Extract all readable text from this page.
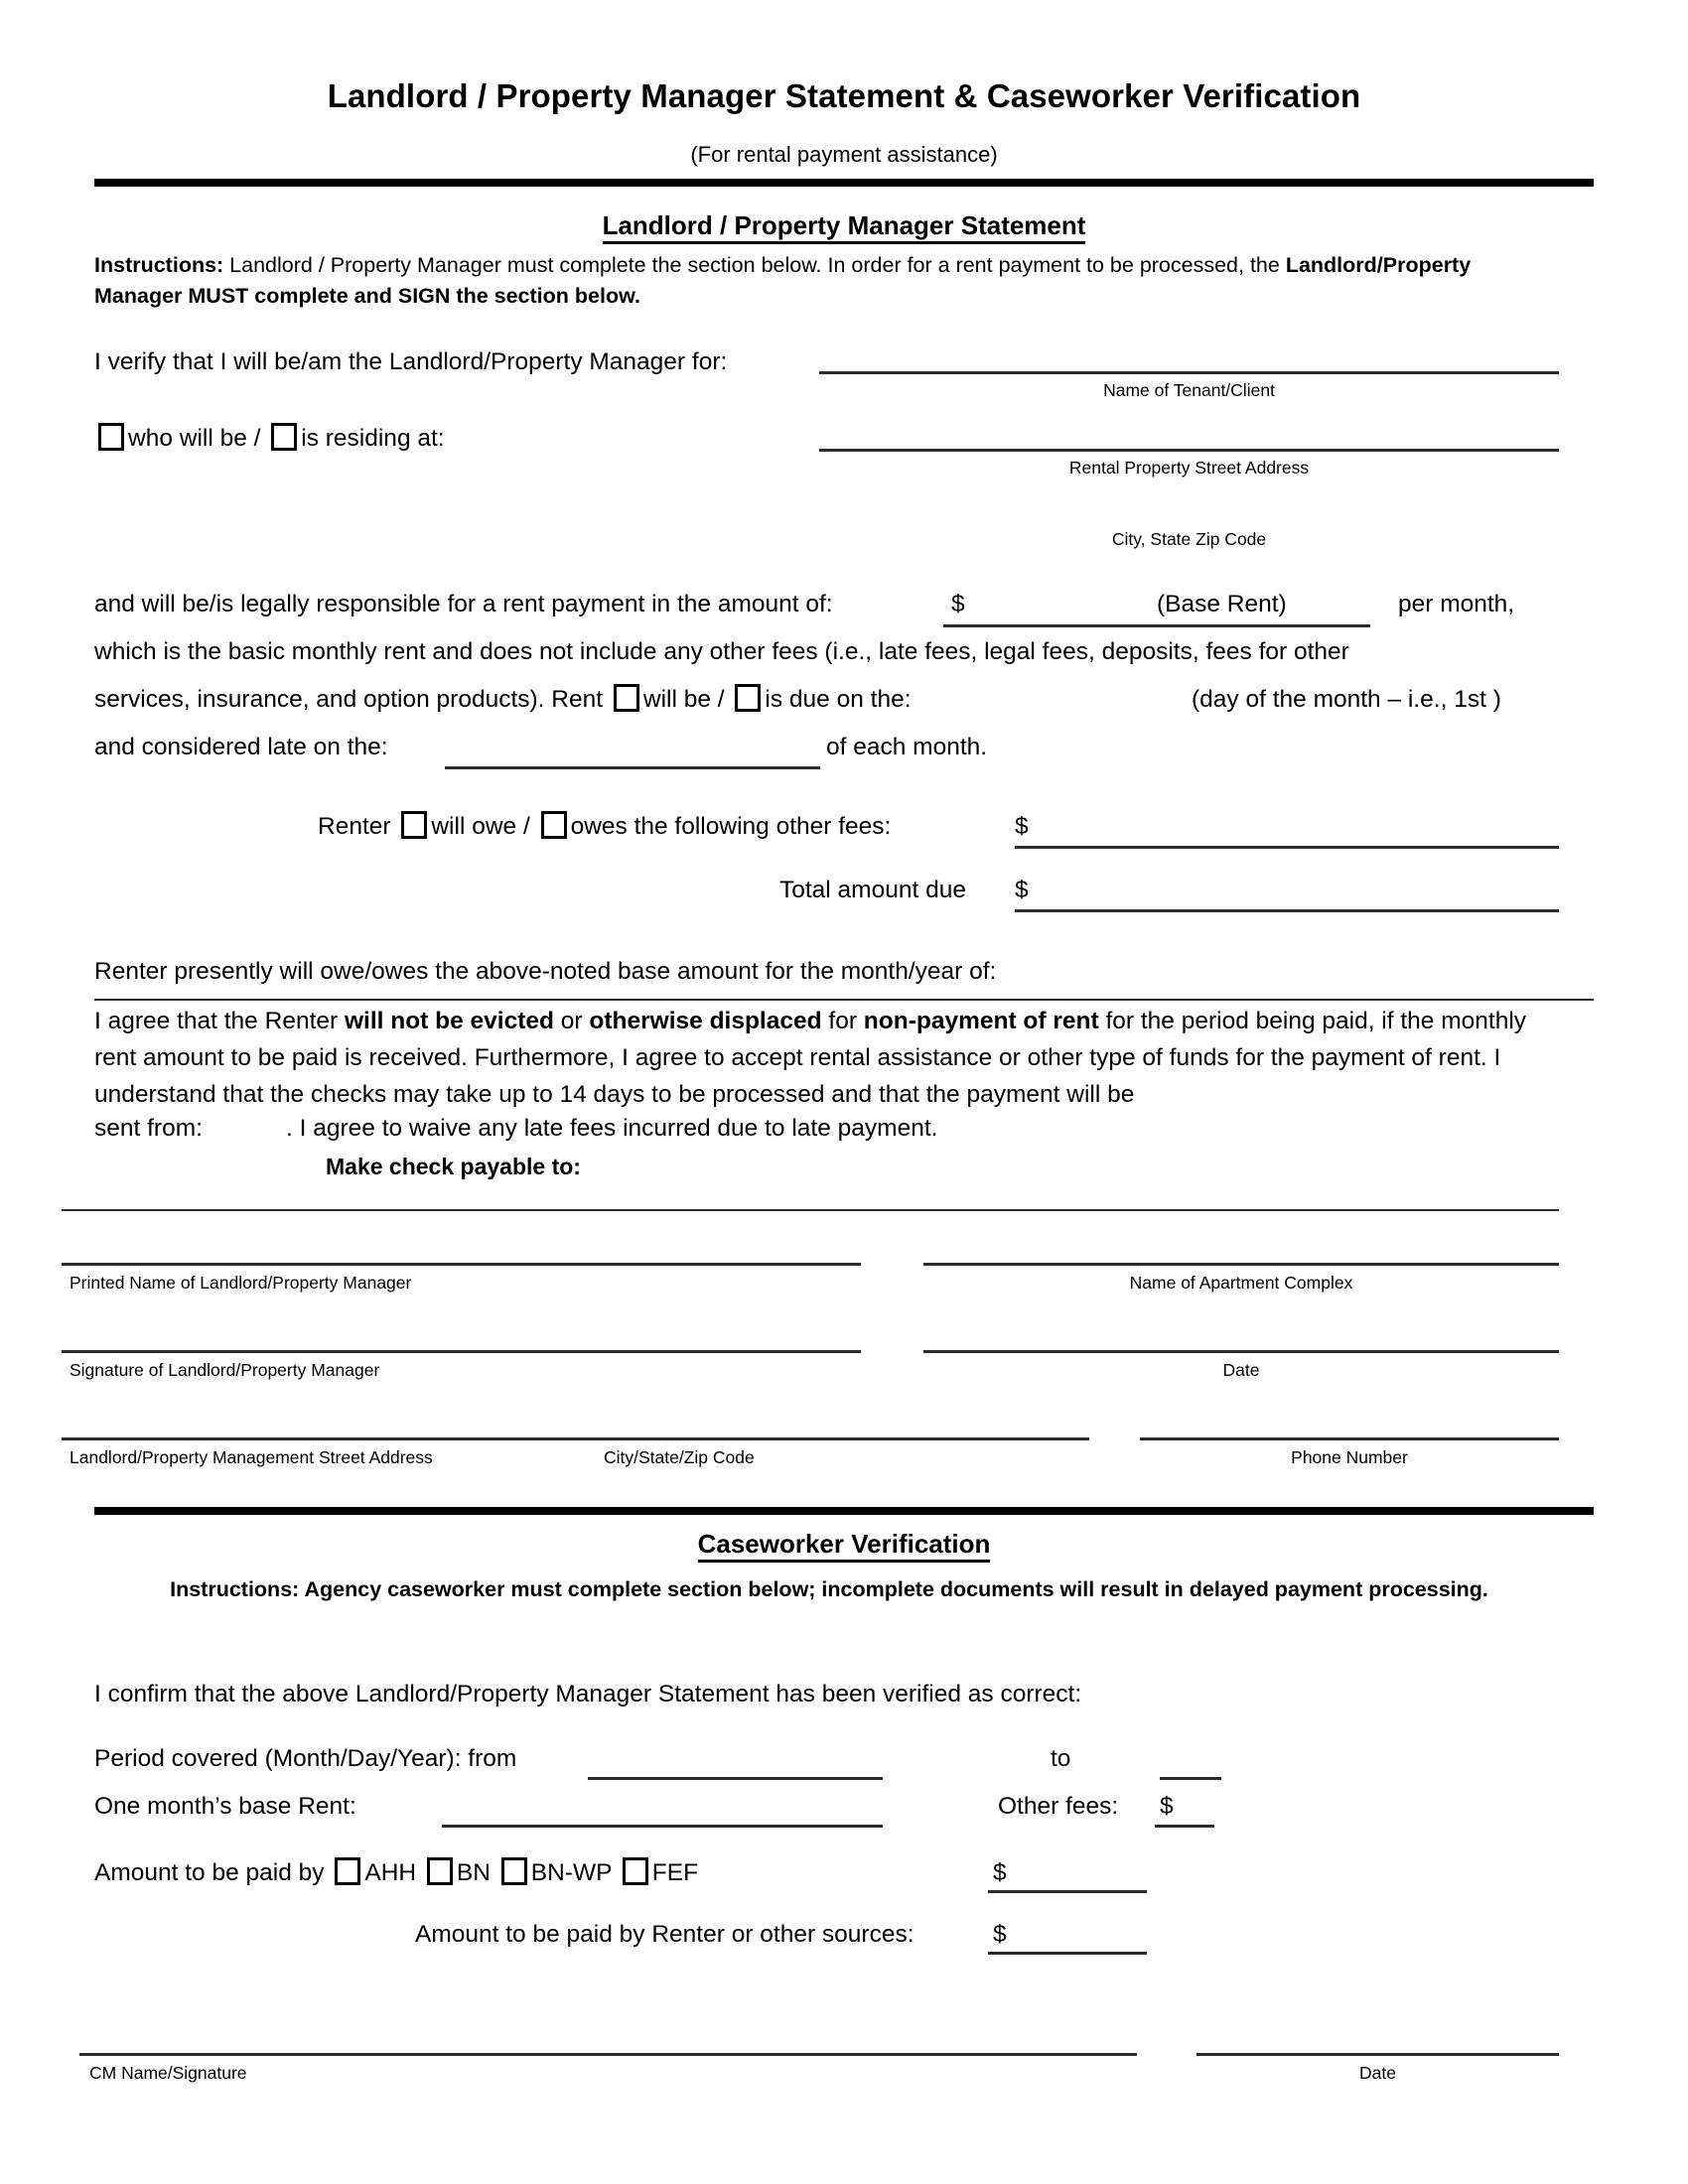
Landlord / Property Manager Statement & Caseworker Verification
(For rental payment assistance)
Landlord / Property Manager Statement
Instructions: Landlord / Property Manager must complete the section below. In order for a rent payment to be processed, the Landlord/Property Manager MUST complete and SIGN the section below.
I verify that I will be/am the Landlord/Property Manager for:
Name of Tenant/Client
who will be / is residing at:
Rental Property Street Address
City, State Zip Code
and will be/is legally responsible for a rent payment in the amount of:	$	(Base Rent)	per month,
which is the basic monthly rent and does not include any other fees (i.e., late fees, legal fees, deposits, fees for other
services, insurance, and option products). Rent will be / is due on the:	(day of the month – i.e., 1st )
and considered late on the:	of each month.
Renter will owe / owes the following other fees:	$
Total amount due $
Renter presently will owe/owes the above-noted base amount for the month/year of:
I agree that the Renter will not be evicted or otherwise displaced for non-payment of rent for the period being paid, if the monthly rent amount to be paid is received. Furthermore, I agree to accept rental assistance or other type of funds for the payment of rent. I understand that the checks may take up to 14 days to be processed and that the payment will be
sent from:	. I agree to waive any late fees incurred due to late payment.
Make check payable to:
Printed Name of Landlord/Property Manager	Name of Apartment Complex
Signature of Landlord/Property Manager	Date
Landlord/Property Management Street Address	City/State/Zip Code	Phone Number
Caseworker Verification
Instructions: Agency caseworker must complete section below; incomplete documents will result in delayed payment processing.
I confirm that the above Landlord/Property Manager Statement has been verified as correct:
Period covered (Month/Day/Year): from	to
One month’s base Rent:	Other fees: $
Amount to be paid by AHH BN BN-WP FEF	$
Amount to be paid by Renter or other sources:	$
CM Name/Signature	Date
